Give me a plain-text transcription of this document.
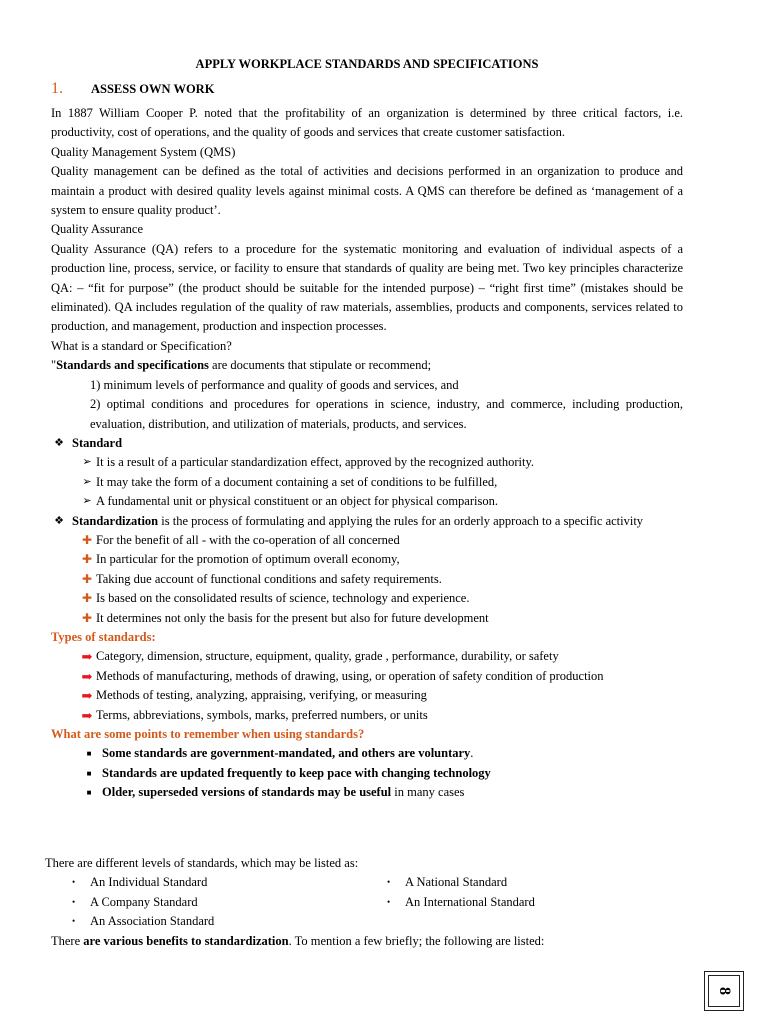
APPLY WORKPLACE STANDARDS AND SPECIFICATIONS
1.	ASSESS OWN WORK

In 1887 William Cooper P. noted that the profitability of an organization is determined by three critical factors, i.e. productivity, cost of operations, and the quality of goods and services that create customer satisfaction.

Quality Management System (QMS)

Quality management can be defined as the total of activities and decisions performed in an organization to produce and maintain a product with desired quality levels against minimal costs. A QMS can therefore be defined as ‘management of a system to ensure quality product’.

Quality Assurance

Quality Assurance (QA) refers to a procedure for the systematic monitoring and evaluation of individual aspects of a production line, process, service, or facility to ensure that standards of quality are being met. Two key principles characterize QA: – “fit for purpose” (the product should be suitable for the intended purpose) – “right first time” (mistakes should be eliminated). QA includes regulation of the quality of raw materials, assemblies, products and components, services related to production, and management, production and inspection processes.

What is a standard or Specification?

"Standards and specifications are documents that stipulate or recommend;

1) minimum levels of performance and quality of goods and services, and

2) optimal conditions and procedures for operations in science, industry, and commerce, including production, evaluation, distribution, and utilization of materials, products, and services.

❖ Standard
➢ It is a result of a particular standardization effect, approved by the recognized authority.
➢ It may take the form of a document containing a set of conditions to be fulfilled,
➢ A fundamental unit or physical constituent or an object for physical comparison.
❖ Standardization is the process of formulating and applying the rules for an orderly approach to a specific activity
✚ For the benefit of all - with the co-operation of all concerned
✚ In particular for the promotion of optimum overall economy,
✚ Taking due account of functional conditions and safety requirements.
✚ Is based on the consolidated results of science, technology and experience.
✚ It determines not only the basis for the present but also for future development

Types of standards:

➡ Category, dimension, structure, equipment, quality, grade , performance, durability, or safety
➡ Methods of manufacturing, methods of drawing, using, or operation of safety condition of production
➡ Methods of testing, analyzing, appraising, verifying, or measuring
➡ Terms, abbreviations, symbols, marks, preferred numbers, or units

What are some points to remember when using standards?

■ Some standards are government-mandated, and others are voluntary.
■ Standards are updated frequently to keep pace with changing technology
■ Older, superseded versions of standards may be useful in many cases
There are different levels of standards, which may be listed as:
•	An Individual Standard
•	A Company Standard
•	An Association Standard
•	A National Standard
•	An International Standard
There are various benefits to standardization. To mention a few briefly; the following are listed:
8
